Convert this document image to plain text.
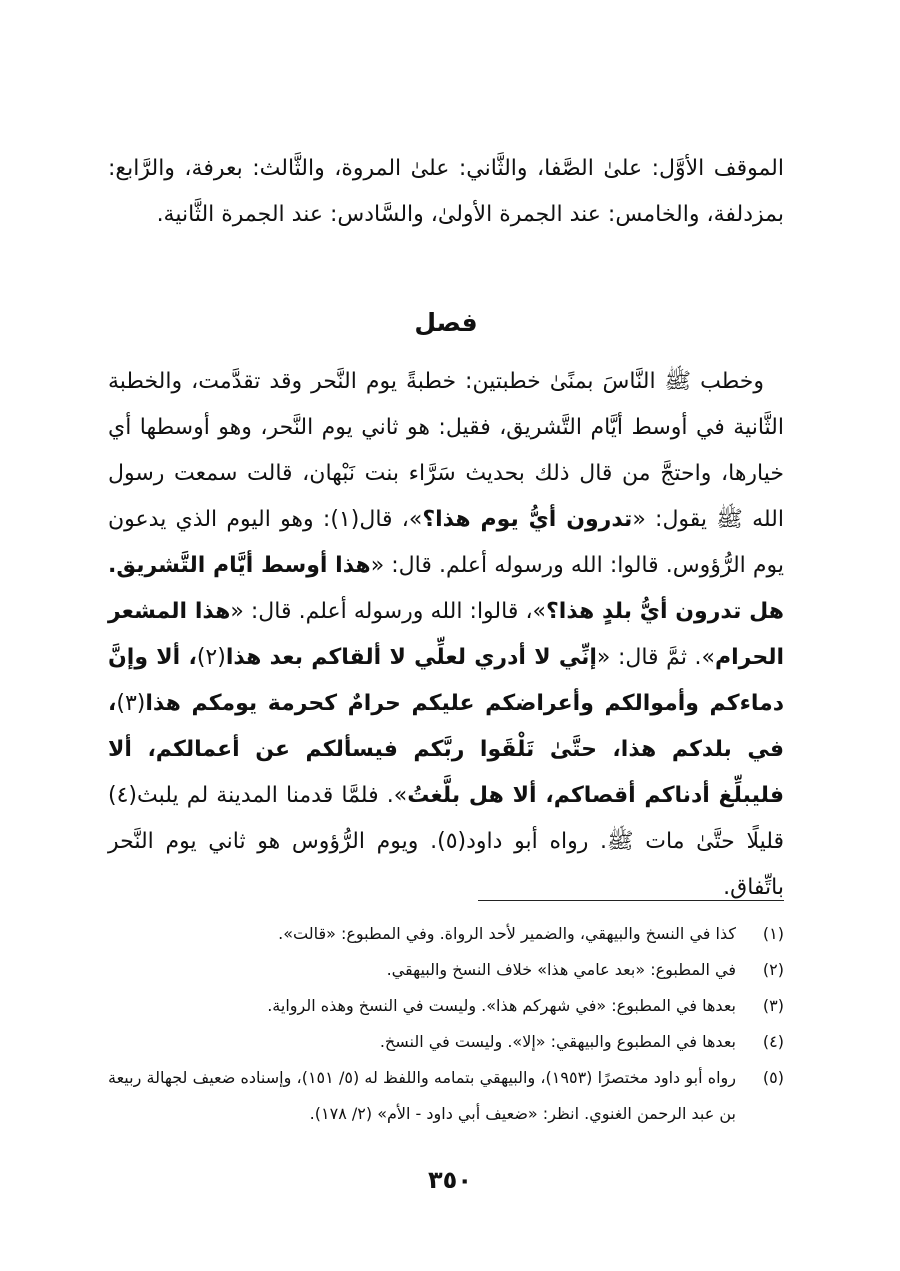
الموقف الأوَّل: علىٰ الصَّفا، والثَّاني: علىٰ المروة، والثَّالث: بعرفة، والرَّابع: بمزدلفة، والخامس: عند الجمرة الأولىٰ، والسَّادس: عند الجمرة الثَّانية.

فصل

وخطب ﷺ النَّاسَ بمنًىٰ خطبتين: خطبةً يوم النَّحر وقد تقدَّمت، والخطبة الثَّانية في أوسط أيَّام التَّشريق، فقيل: هو ثاني يوم النَّحر، وهو أوسطها أي خيارها، واحتجَّ من قال ذلك بحديث سَرَّاء بنت نَبْهان، قالت سمعت رسول الله ﷺ يقول: «تدرون أيُّ يوم هذا؟»، قال(١): وهو اليوم الذي يدعون يوم الرُّؤوس. قالوا: الله ورسوله أعلم. قال: «هذا أوسط أيَّام التَّشريق. هل تدرون أيُّ بلدٍ هذا؟»، قالوا: الله ورسوله أعلم. قال: «هذا المشعر الحرام». ثمَّ قال: «إنِّي لا أدري لعلِّي لا ألقاكم بعد هذا(٢)، ألا وإنَّ دماءكم وأموالكم وأعراضكم عليكم حرامٌ كحرمة يومكم هذا(٣)، في بلدكم هذا، حتَّىٰ تَلْقَوا ربَّكم فيسألكم عن أعمالكم، ألا فليبلِّغ أدناكم أقصاكم، ألا هل بلَّغتُ». فلمَّا قدمنا المدينة لم يلبث(٤) قليلًا حتَّىٰ مات ﷺ. رواه أبو داود(٥). ويوم الرُّؤوس هو ثاني يوم النَّحر باتِّفاق.

(١)
كذا في النسخ والبيهقي، والضمير لأحد الرواة. وفي المطبوع: «قالت».
(٢)
في المطبوع: «بعد عامي هذا» خلاف النسخ والبيهقي.
(٣)
بعدها في المطبوع: «في شهركم هذا». وليست في النسخ وهذه الرواية.
(٤)
بعدها في المطبوع والبيهقي: «إلا». وليست في النسخ.
(٥)
رواه أبو داود مختصرًا (١٩٥٣)، والبيهقي بتمامه واللفظ له (٥/ ١٥١)، وإسناده ضعيف لجهالة ربيعة بن عبد الرحمن الغنوي. انظر: «ضعيف أبي داود - الأم» (٢/ ١٧٨).
٣٥٠
